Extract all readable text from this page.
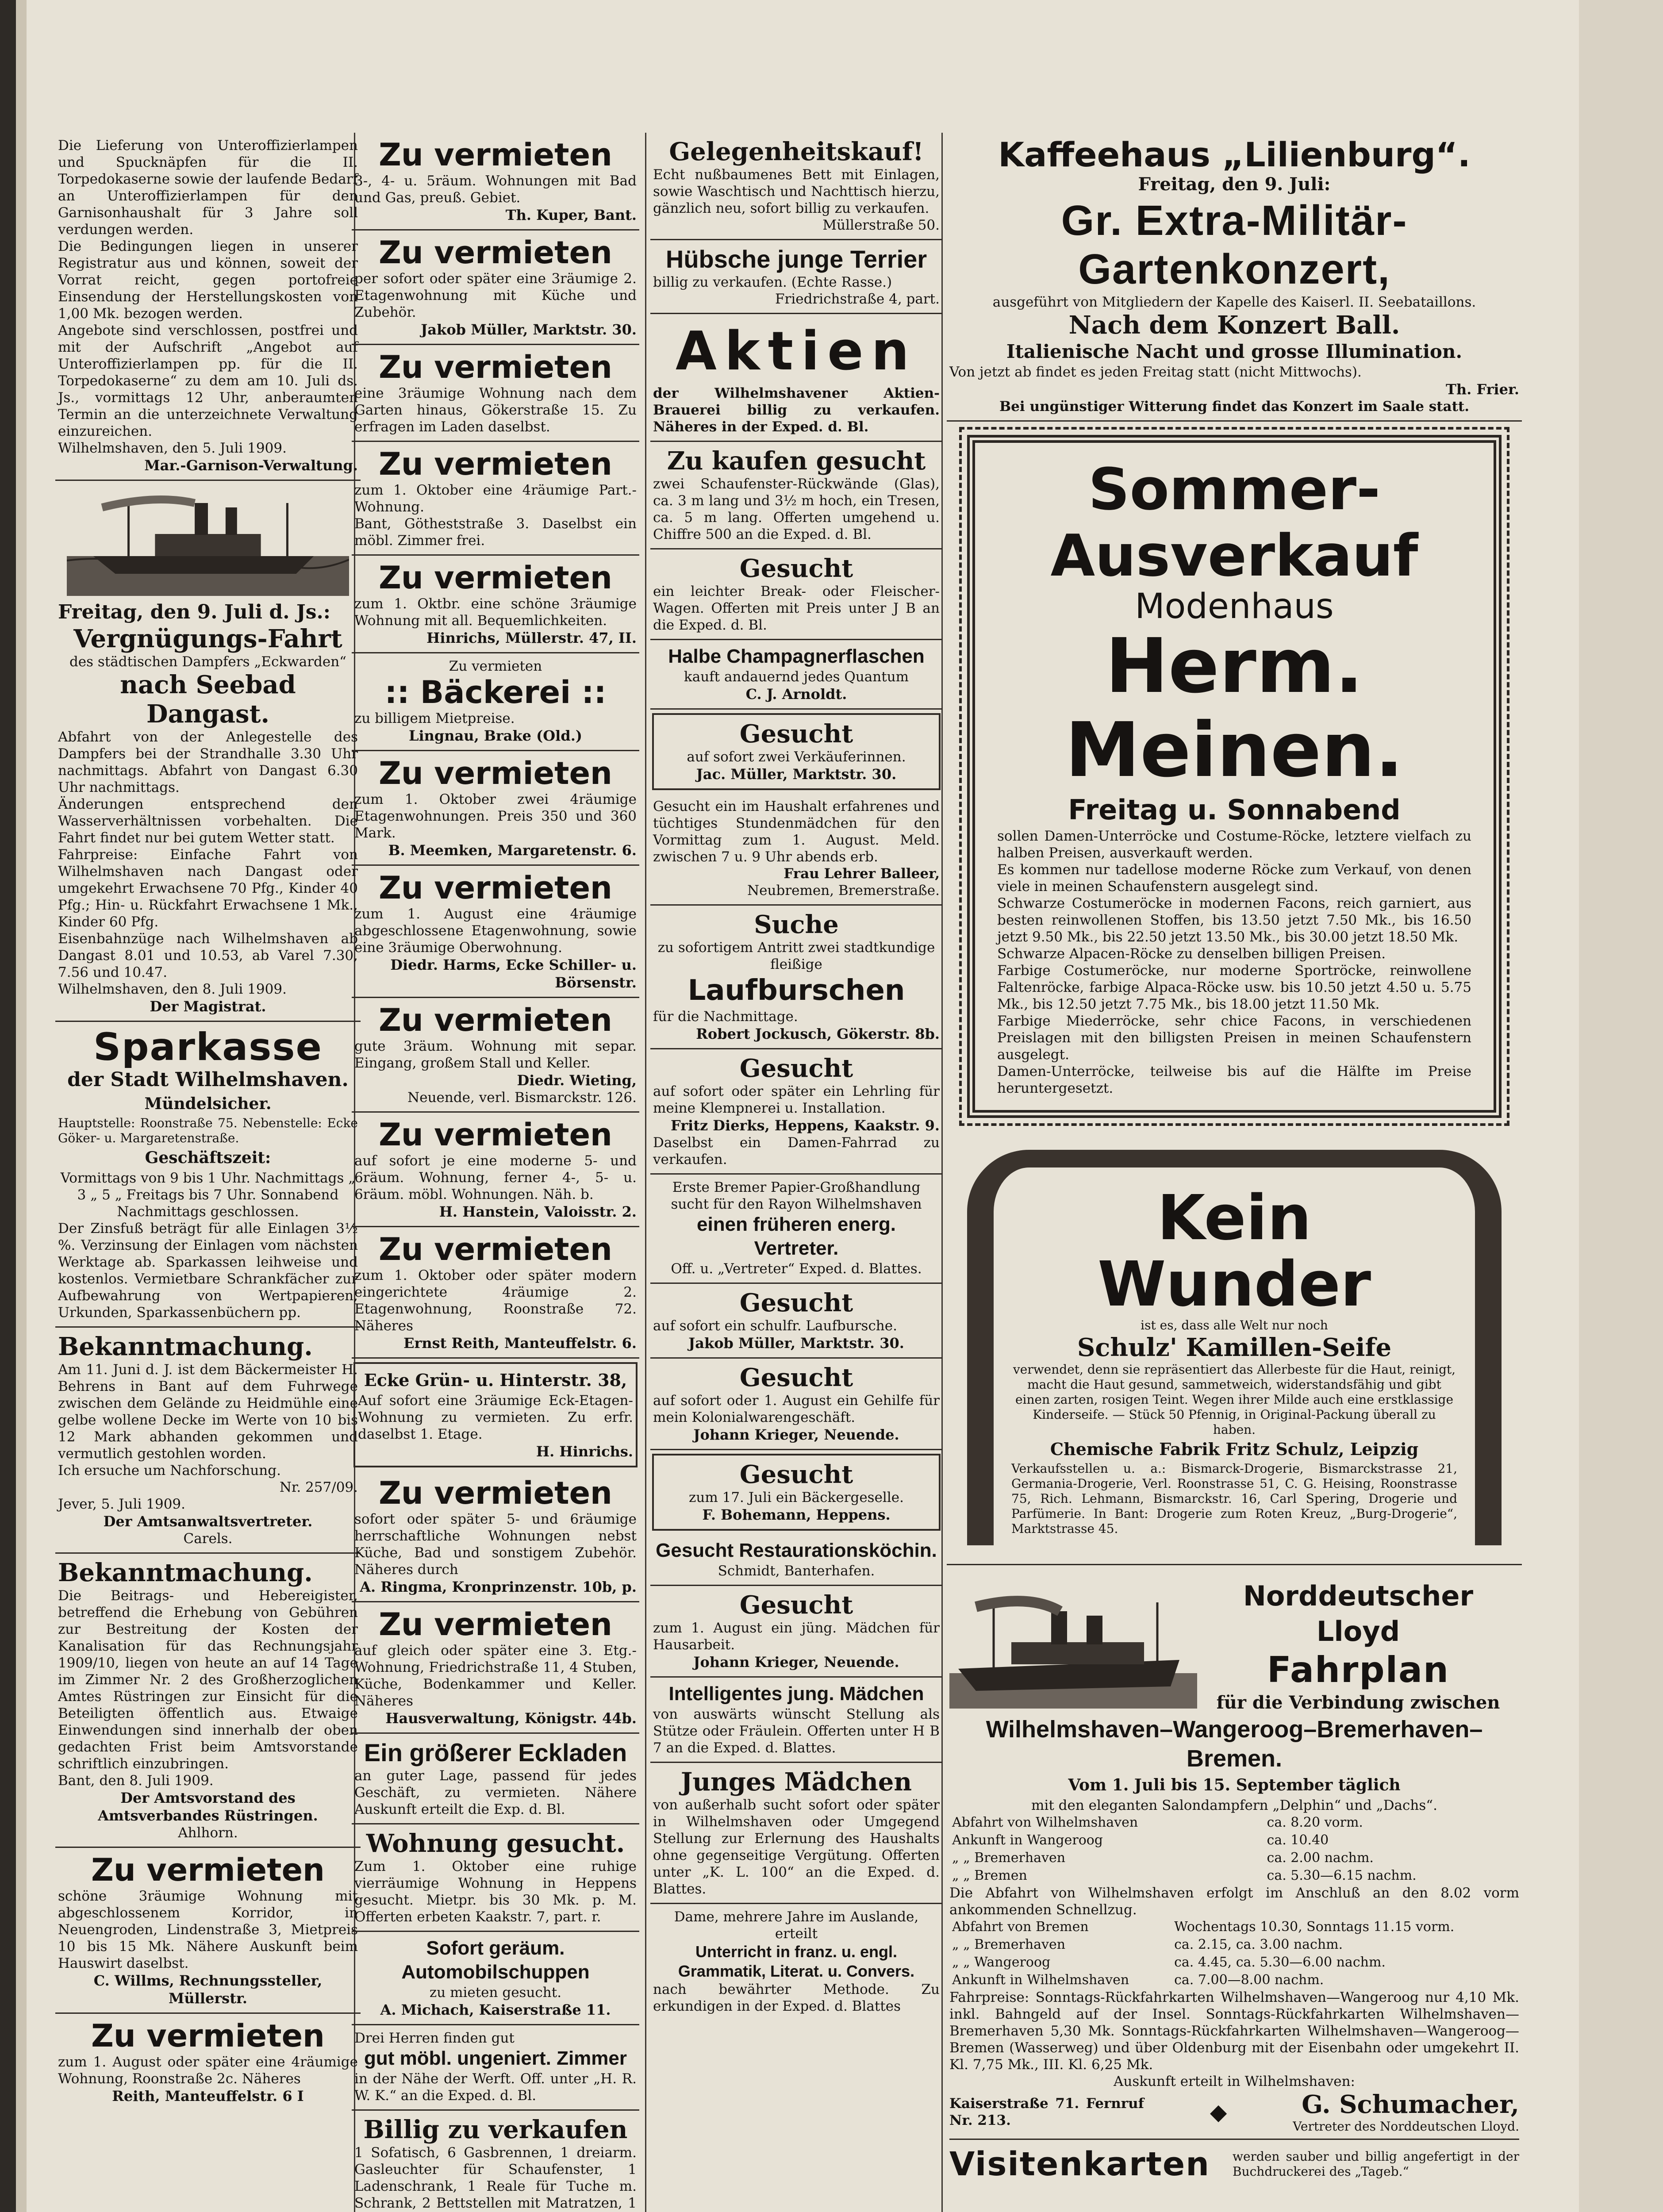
Die Lieferung von Unteroffizierlampen und Spucknäpfen für die II. Torpedokaserne sowie der laufende Bedarf an Unteroffizierlampen für den Garnisonhaushalt für 3 Jahre soll verdungen werden.
Die Bedingungen liegen in unserer Registratur aus und können, soweit der Vorrat reicht, gegen portofreie Einsendung der Herstellungskosten von 1,00 Mk. bezogen werden.
Angebote sind verschlossen, postfrei und mit der Aufschrift „Angebot auf Unteroffizierlampen pp. für die II. Torpedokaserne“ zu dem am 10. Juli ds. Js., vormittags 12 Uhr, anberaumten Termin an die unterzeichnete Verwaltung einzureichen.
Wilhelmshaven, den 5. Juli 1909.
Mar.-Garnison-Verwaltung.
Freitag, den 9. Juli d. Js.:
Vergnügungs-Fahrt
des städtischen Dampfers „Eckwarden“
nach Seebad Dangast.
Abfahrt von der Anlegestelle des Dampfers bei der Strandhalle 3.30 Uhr nachmittags. Abfahrt von Dangast 6.30 Uhr nachmittags.
Änderungen entsprechend den Wasserverhältnissen vorbehalten. Die Fahrt findet nur bei gutem Wetter statt.
Fahrpreise: Einfache Fahrt von Wilhelmshaven nach Dangast oder umgekehrt Erwachsene 70 Pfg., Kinder 40 Pfg.; Hin- u. Rückfahrt Erwachsene 1 Mk., Kinder 60 Pfg.
Eisenbahnzüge nach Wilhelmshaven ab Dangast 8.01 und 10.53, ab Varel 7.30, 7.56 und 10.47.
Wilhelmshaven, den 8. Juli 1909.
Der Magistrat.
Sparkasse
der Stadt Wilhelmshaven.
Mündelsicher.
Hauptstelle: Roonstraße 75. Nebenstelle: Ecke Göker- u. Margaretenstraße.
Geschäftszeit:
Vormittags von 9 bis 1 Uhr. Nachmittags „ 3 „ 5 „ Freitags bis 7 Uhr. Sonnabend Nachmittags geschlossen.
Der Zinsfuß beträgt für alle Einlagen 3½ %. Verzinsung der Einlagen vom nächsten Werktage ab. Sparkassen leihweise und kostenlos. Vermietbare Schrankfächer zur Aufbewahrung von Wertpapieren, Urkunden, Sparkassenbüchern pp.
Bekanntmachung.
Am 11. Juni d. J. ist dem Bäckermeister H. Behrens in Bant auf dem Fuhrwege zwischen dem Gelände zu Heidmühle eine gelbe wollene Decke im Werte von 10 bis 12 Mark abhanden gekommen und vermutlich gestohlen worden.
Ich ersuche um Nachforschung.
Nr. 257/09.
Jever, 5. Juli 1909.
Der Amtsanwaltsvertreter.
Carels.
Bekanntmachung.
Die Beitrags- und Hebereigister, betreffend die Erhebung von Gebühren zur Bestreitung der Kosten der Kanalisation für das Rechnungsjahr 1909/10, liegen von heute an auf 14 Tage im Zimmer Nr. 2 des Großherzoglichen Amtes Rüstringen zur Einsicht für die Beteiligten öffentlich aus. Etwaige Einwendungen sind innerhalb der oben gedachten Frist beim Amtsvorstande schriftlich einzubringen.
Bant, den 8. Juli 1909.
Der Amtsvorstand des Amtsverbandes Rüstringen.
Ahlhorn.
Zu vermieten
schöne 3räumige Wohnung mit abgeschlossenem Korridor, in Neuengroden, Lindenstraße 3, Mietpreis 10 bis 15 Mk. Nähere Auskunft beim Hauswirt daselbst.
C. Willms, Rechnungssteller, Müllerstr.
Zu vermieten
zum 1. August oder später eine 4räumige Wohnung, Roonstraße 2c. Näheres
Reith, Manteuffelstr. 6 I
Zu vermieten
3-, 4- u. 5räum. Wohnungen mit Bad und Gas, preuß. Gebiet.
Th. Kuper, Bant.
Zu vermieten
per sofort oder später eine 3räumige 2. Etagenwohnung mit Küche und Zubehör.
Jakob Müller, Marktstr. 30.
Zu vermieten
eine 3räumige Wohnung nach dem Garten hinaus, Gökerstraße 15. Zu erfragen im Laden daselbst.
Zu vermieten
zum 1. Oktober eine 4räumige Part.-Wohnung.
Bant, Götheststraße 3. Daselbst ein möbl. Zimmer frei.
Zu vermieten
zum 1. Oktbr. eine schöne 3räumige Wohnung mit all. Bequemlichkeiten.
Hinrichs, Müllerstr. 47, II.
Zu vermieten
:: Bäckerei ::
zu billigem Mietpreise.
Lingnau, Brake (Old.)
Zu vermieten
zum 1. Oktober zwei 4räumige Etagenwohnungen. Preis 350 und 360 Mark.
B. Meemken, Margaretenstr. 6.
Zu vermieten
zum 1. August eine 4räumige abgeschlossene Etagenwohnung, sowie eine 3räumige Oberwohnung.
Diedr. Harms, Ecke Schiller- u. Börsenstr.
Zu vermieten
gute 3räum. Wohnung mit separ. Eingang, großem Stall und Keller.
Diedr. Wieting,
Neuende, verl. Bismarckstr. 126.
Zu vermieten
auf sofort je eine moderne 5- und 6räum. Wohnung, ferner 4-, 5- u. 6räum. möbl. Wohnungen. Näh. b.
H. Hanstein, Valoisstr. 2.
Zu vermieten
zum 1. Oktober oder später modern eingerichtete 4räumige 2. Etagenwohnung, Roonstraße 72. Näheres
Ernst Reith, Manteuffelstr. 6.
Ecke Grün- u. Hinterstr. 38,
Auf sofort eine 3räumige Eck-Etagen-Wohnung zu vermieten. Zu erfr. daselbst 1. Etage.
H. Hinrichs.
Zu vermieten
sofort oder später 5- und 6räumige herrschaftliche Wohnungen nebst Küche, Bad und sonstigem Zubehör. Näheres durch
A. Ringma, Kronprinzenstr. 10b, p.
Zu vermieten
auf gleich oder später eine 3. Etg.-Wohnung, Friedrichstraße 11, 4 Stuben, Küche, Bodenkammer und Keller. Näheres
Hausverwaltung, Königstr. 44b.
Ein größerer Eckladen
an guter Lage, passend für jedes Geschäft, zu vermieten. Nähere Auskunft erteilt die Exp. d. Bl.
Wohnung gesucht.
Zum 1. Oktober eine ruhige vierräumige Wohnung in Heppens gesucht. Mietpr. bis 30 Mk. p. M. Offerten erbeten Kaakstr. 7, part. r.
Sofort geräum. Automobilschuppen
zu mieten gesucht.
A. Michach, Kaiserstraße 11.
Drei Herren finden gut
gut möbl. ungeniert. Zimmer
in der Nähe der Werft. Off. unter „H. R. W. K.“ an die Exped. d. Bl.
Billig zu verkaufen
1 Sofatisch, 6 Gasbrennen, 1 dreiarm. Gasleuchter für Schaufenster, 1 Ladenschrank, 1 Reale für Tuche m. Schrank, 2 Bettstellen mit Matratzen, 1
Gelegenheitskauf!
Echt nußbaumenes Bett mit Einlagen, sowie Waschtisch und Nachttisch hierzu, gänzlich neu, sofort billig zu verkaufen.
Müllerstraße 50.
Hübsche junge Terrier
billig zu verkaufen. (Echte Rasse.)
Friedrichstraße 4, part.
Aktien
der Wilhelmshavener Aktien-Brauerei billig zu verkaufen. Näheres in der Exped. d. Bl.
Zu kaufen gesucht
zwei Schaufenster-Rückwände (Glas), ca. 3 m lang und 3½ m hoch, ein Tresen, ca. 5 m lang. Offerten umgehend u. Chiffre 500 an die Exped. d. Bl.
Gesucht
ein leichter Break- oder Fleischer-Wagen. Offerten mit Preis unter J B an die Exped. d. Bl.
Halbe Champagnerflaschen
kauft andauernd jedes Quantum
C. J. Arnoldt.
Gesucht
auf sofort zwei Verkäuferinnen.
Jac. Müller, Marktstr. 30.
Gesucht ein im Haushalt erfahrenes und tüchtiges Stundenmädchen für den Vormittag zum 1. August. Meld. zwischen 7 u. 9 Uhr abends erb.
Frau Lehrer Balleer,
Neubremen, Bremerstraße.
Suche
zu sofortigem Antritt zwei stadtkundige fleißige
Laufburschen
für die Nachmittage.
Robert Jockusch, Gökerstr. 8b.
Gesucht
auf sofort oder später ein Lehrling für meine Klempnerei u. Installation.
Fritz Dierks, Heppens, Kaakstr. 9.
Daselbst ein Damen-Fahrrad zu verkaufen.
Erste Bremer Papier-Großhandlung sucht für den Rayon Wilhelmshaven
einen früheren energ. Vertreter.
Off. u. „Vertreter“ Exped. d. Blattes.
Gesucht
auf sofort ein schulfr. Laufbursche.
Jakob Müller, Marktstr. 30.
Gesucht
auf sofort oder 1. August ein Gehilfe für mein Kolonialwarengeschäft.
Johann Krieger, Neuende.
Gesucht
zum 17. Juli ein Bäckergeselle.
F. Bohemann, Heppens.
Gesucht Restaurationsköchin.
Schmidt, Banterhafen.
Gesucht
zum 1. August ein jüng. Mädchen für Hausarbeit.
Johann Krieger, Neuende.
Intelligentes jung. Mädchen
von auswärts wünscht Stellung als Stütze oder Fräulein. Offerten unter H B 7 an die Exped. d. Blattes.
Junges Mädchen
von außerhalb sucht sofort oder später in Wilhelmshaven oder Umgegend Stellung zur Erlernung des Haushalts ohne gegenseitige Vergütung. Offerten unter „K. L. 100“ an die Exped. d. Blattes.
Dame, mehrere Jahre im Auslande, erteilt
Unterricht in franz. u. engl. Grammatik, Literat. u. Convers.
nach bewährter Methode. Zu erkundigen in der Exped. d. Blattes
Kaffeehaus „Lilienburg“.
Freitag, den 9. Juli:
Gr. Extra-Militär-Gartenkonzert,
ausgeführt von Mitgliedern der Kapelle des Kaiserl. II. Seebataillons.
Nach dem Konzert Ball.
Italienische Nacht und grosse Illumination.
Von jetzt ab findet es jeden Freitag statt (nicht Mittwochs).
Th. Frier.
Bei ungünstiger Witterung findet das Konzert im Saale statt.
Sommer-Ausverkauf
Modenhaus
Herm. Meinen.
Freitag u. Sonnabend
sollen Damen-Unterröcke und Costume-Röcke, letztere vielfach zu halben Preisen, ausverkauft werden.
Es kommen nur tadellose moderne Röcke zum Verkauf, von denen viele in meinen Schaufenstern ausgelegt sind.
Schwarze Costumeröcke in modernen Facons, reich garniert, aus besten reinwollenen Stoffen, bis 13.50 jetzt 7.50 Mk., bis 16.50 jetzt 9.50 Mk., bis 22.50 jetzt 13.50 Mk., bis 30.00 jetzt 18.50 Mk.
Schwarze Alpacen-Röcke zu denselben billigen Preisen.
Farbige Costumeröcke, nur moderne Sportröcke, reinwollene Faltenröcke, farbige Alpaca-Röcke usw. bis 10.50 jetzt 4.50 u. 5.75 Mk., bis 12.50 jetzt 7.75 Mk., bis 18.00 jetzt 11.50 Mk.
Farbige Miederröcke, sehr chice Facons, in verschiedenen Preislagen mit den billigsten Preisen in meinen Schaufenstern ausgelegt.
Damen-Unterröcke, teilweise bis auf die Hälfte im Preise heruntergesetzt.
Kein Wunder
ist es, dass alle Welt nur noch
Schulz' Kamillen-Seife
verwendet, denn sie repräsentiert das Allerbeste für die Haut, reinigt, macht die Haut gesund, sammetweich, widerstandsfähig und gibt einen zarten, rosigen Teint. Wegen ihrer Milde auch eine erstklassige Kinderseife. — Stück 50 Pfennig, in Original-Packung überall zu haben.
Chemische Fabrik Fritz Schulz, Leipzig
Verkaufsstellen u. a.: Bismarck-Drogerie, Bismarckstrasse 21, Germania-Drogerie, Verl. Roonstrasse 51, C. G. Heising, Roonstrasse 75, Rich. Lehmann, Bismarckstr. 16, Carl Spering, Drogerie und Parfümerie. In Bant: Drogerie zum Roten Kreuz, „Burg-Drogerie“, Marktstrasse 45.
Norddeutscher Lloyd
Fahrplan
für die Verbindung zwischen
Wilhelmshaven–Wangeroog–Bremerhaven–Bremen.
Vom 1. Juli bis 15. September täglich
mit den eleganten Salondampfern „Delphin“ und „Dachs“.
Abfahrt von Wilhelmshaven	ca. 8.20 vorm.
Ankunft in Wangeroog	ca. 10.40
„ „ Bremerhaven	ca. 2.00 nachm.
„ „ Bremen	ca. 5.30—6.15 nachm.
Die Abfahrt von Wilhelmshaven erfolgt im Anschluß an den 8.02 vorm ankommenden Schnellzug.
Abfahrt von Bremen	Wochentags 10.30, Sonntags 11.15 vorm.
„ „ Bremerhaven	ca. 2.15, ca. 3.00 nachm.
„ „ Wangeroog	ca. 4.45, ca. 5.30—6.00 nachm.
Ankunft in Wilhelmshaven	ca. 7.00—8.00 nachm.
Fahrpreise: Sonntags-Rückfahrkarten Wilhelmshaven—Wangeroog nur 4,10 Mk. inkl. Bahngeld auf der Insel. Sonntags-Rückfahrkarten Wilhelmshaven—Bremerhaven 5,30 Mk. Sonntags-Rückfahrkarten Wilhelmshaven—Wangeroog—Bremen (Wasserweg) und über Oldenburg mit der Eisenbahn oder umgekehrt II. Kl. 7,75 Mk., III. Kl. 6,25 Mk.
Auskunft erteilt in Wilhelmshaven:
Kaiserstraße 71. Fernruf Nr. 213.	◆	G. Schumacher,
Vertreter des Norddeutschen Lloyd.
Visitenkarten	werden sauber und billig angefertigt in der Buchdruckerei des „Tageb.“
